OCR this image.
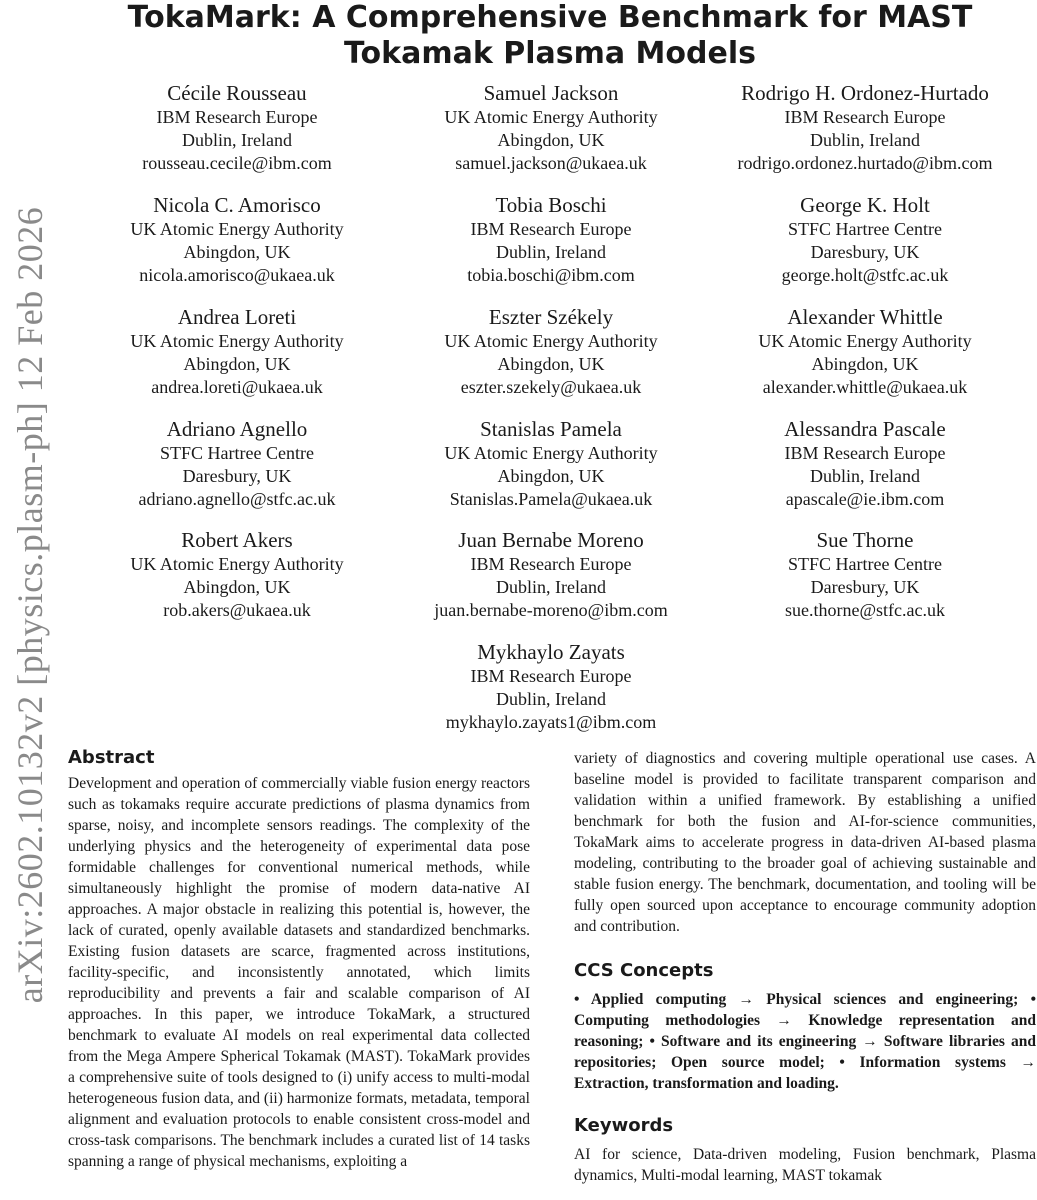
arXiv:2602.10132v2 [physics.plasm-ph] 12 Feb 2026
TokaMark: A Comprehensive Benchmark for MAST Tokamak Plasma Models
Cécile Rousseau
IBM Research Europe
Dublin, Ireland
rousseau.cecile@ibm.com
Samuel Jackson
UK Atomic Energy Authority
Abingdon, UK
samuel.jackson@ukaea.uk
Rodrigo H. Ordonez-Hurtado
IBM Research Europe
Dublin, Ireland
rodrigo.ordonez.hurtado@ibm.com
Nicola C. Amorisco
UK Atomic Energy Authority
Abingdon, UK
nicola.amorisco@ukaea.uk
Tobia Boschi
IBM Research Europe
Dublin, Ireland
tobia.boschi@ibm.com
George K. Holt
STFC Hartree Centre
Daresbury, UK
george.holt@stfc.ac.uk
Andrea Loreti
UK Atomic Energy Authority
Abingdon, UK
andrea.loreti@ukaea.uk
Eszter Székely
UK Atomic Energy Authority
Abingdon, UK
eszter.szekely@ukaea.uk
Alexander Whittle
UK Atomic Energy Authority
Abingdon, UK
alexander.whittle@ukaea.uk
Adriano Agnello
STFC Hartree Centre
Daresbury, UK
adriano.agnello@stfc.ac.uk
Stanislas Pamela
UK Atomic Energy Authority
Abingdon, UK
Stanislas.Pamela@ukaea.uk
Alessandra Pascale
IBM Research Europe
Dublin, Ireland
apascale@ie.ibm.com
Robert Akers
UK Atomic Energy Authority
Abingdon, UK
rob.akers@ukaea.uk
Juan Bernabe Moreno
IBM Research Europe
Dublin, Ireland
juan.bernabe-moreno@ibm.com
Sue Thorne
STFC Hartree Centre
Daresbury, UK
sue.thorne@stfc.ac.uk
Mykhaylo Zayats
IBM Research Europe
Dublin, Ireland
mykhaylo.zayats1@ibm.com
Abstract

Development and operation of commercially viable fusion energy reactors such as tokamaks require accurate predictions of plasma dynamics from sparse, noisy, and incomplete sensors readings. The complexity of the underlying physics and the heterogeneity of experimental data pose formidable challenges for conventional numerical methods, while simultaneously highlight the promise of modern data-native AI approaches. A major obstacle in realizing this potential is, however, the lack of curated, openly available datasets and standardized benchmarks. Existing fusion datasets are scarce, fragmented across institutions, facility-specific, and inconsistently annotated, which limits reproducibility and prevents a fair and scalable comparison of AI approaches. In this paper, we introduce TokaMark, a structured benchmark to evaluate AI models on real experimental data collected from the Mega Ampere Spherical Tokamak (MAST). TokaMark provides a comprehensive suite of tools designed to (i) unify access to multi-modal heterogeneous fusion data, and (ii) harmonize formats, metadata, temporal alignment and evaluation protocols to enable consistent cross-model and cross-task comparisons. The benchmark includes a curated list of 14 tasks spanning a range of physical mechanisms, exploiting a

variety of diagnostics and covering multiple operational use cases. A baseline model is provided to facilitate transparent comparison and validation within a unified framework. By establishing a unified benchmark for both the fusion and AI-for-science communities, TokaMark aims to accelerate progress in data-driven AI-based plasma modeling, contributing to the broader goal of achieving sustainable and stable fusion energy. The benchmark, documentation, and tooling will be fully open sourced upon acceptance to encourage community adoption and contribution.

CCS Concepts

• Applied computing → Physical sciences and engineering; • Computing methodologies → Knowledge representation and reasoning; • Software and its engineering → Software libraries and repositories; Open source model; • Information systems → Extraction, transformation and loading.

Keywords

AI for science, Data-driven modeling, Fusion benchmark, Plasma dynamics, Multi-modal learning, MAST tokamak
